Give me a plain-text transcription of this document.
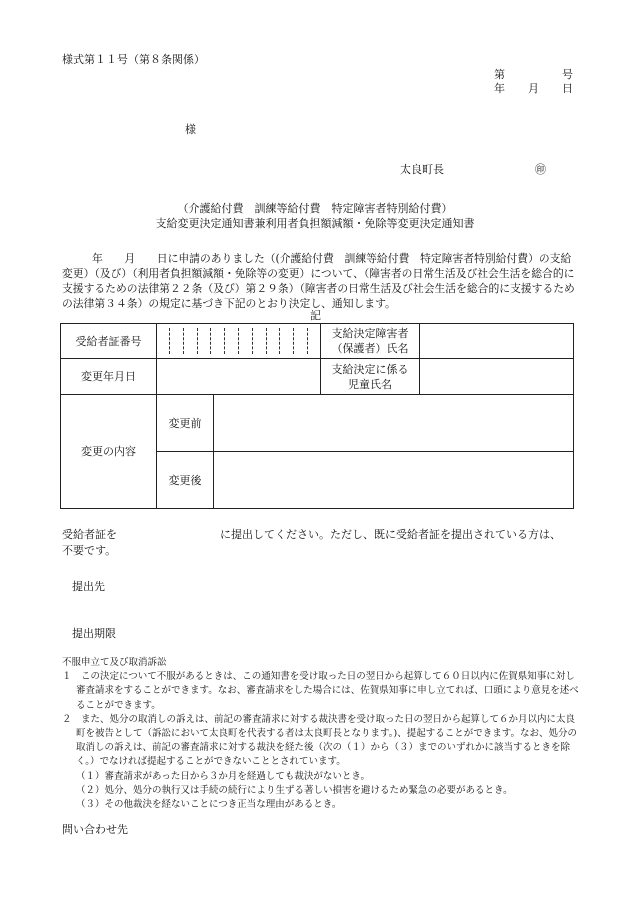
様式第１１号（第８条関係）
第	号
年 月 日
様
太良町長	㊞
（介護給付費　訓練等給付費　特定障害者特別給付費）
支給変更決定通知書兼利用者負担額減額・免除等変更決定通知書
年　　月　　日に申請のありました（(介護給付費　訓練等給付費　特定障害者特別給付費）の支給変更）（及び）（利用者負担額減額・免除等の変更）について、（障害者の日常生活及び社会生活を総合的に支援するための法律第２２条（及び）第２９条）（障害者の日常生活及び社会生活を総合的に支援するための法律第３４条）の規定に基づき下記のとおり決定し、通知します。
記
受給者証番号			支給決定障害者
（保護者）氏名	

変更年月日			支給決定に係る
児童氏名	

変更の内容	変更前			
	変更後			
受給者証を	に提出してください。ただし、既に受給者証を提出されている方は、
不要です。
提出先
提出期限
不服申立て及び取消訴訟
１　この決定について不服があるときは、この通知書を受け取った日の翌日から起算して６０日以内に佐賀県知事に対し審査請求をすることができます。なお、審査請求をした場合には、佐賀県知事に申し立てれば、口頭により意見を述べることができます。
２　また、処分の取消しの訴えは、前記の審査請求に対する裁決書を受け取った日の翌日から起算して６か月以内に太良町を被告として（訴訟において太良町を代表する者は太良町長となります。)、提起することができます。なお、処分の取消しの訴えは、前記の審査請求に対する裁決を経た後（次の（１）から（３）までのいずれかに該当するときを除く。）でなければ提起することができないこととされています。
（１）審査請求があった日から３か月を経過しても裁決がないとき。
（２）処分、処分の執行又は手続の続行により生ずる著しい損害を避けるため緊急の必要があるとき。
（３）その他裁決を経ないことにつき正当な理由があるとき。
問い合わせ先
